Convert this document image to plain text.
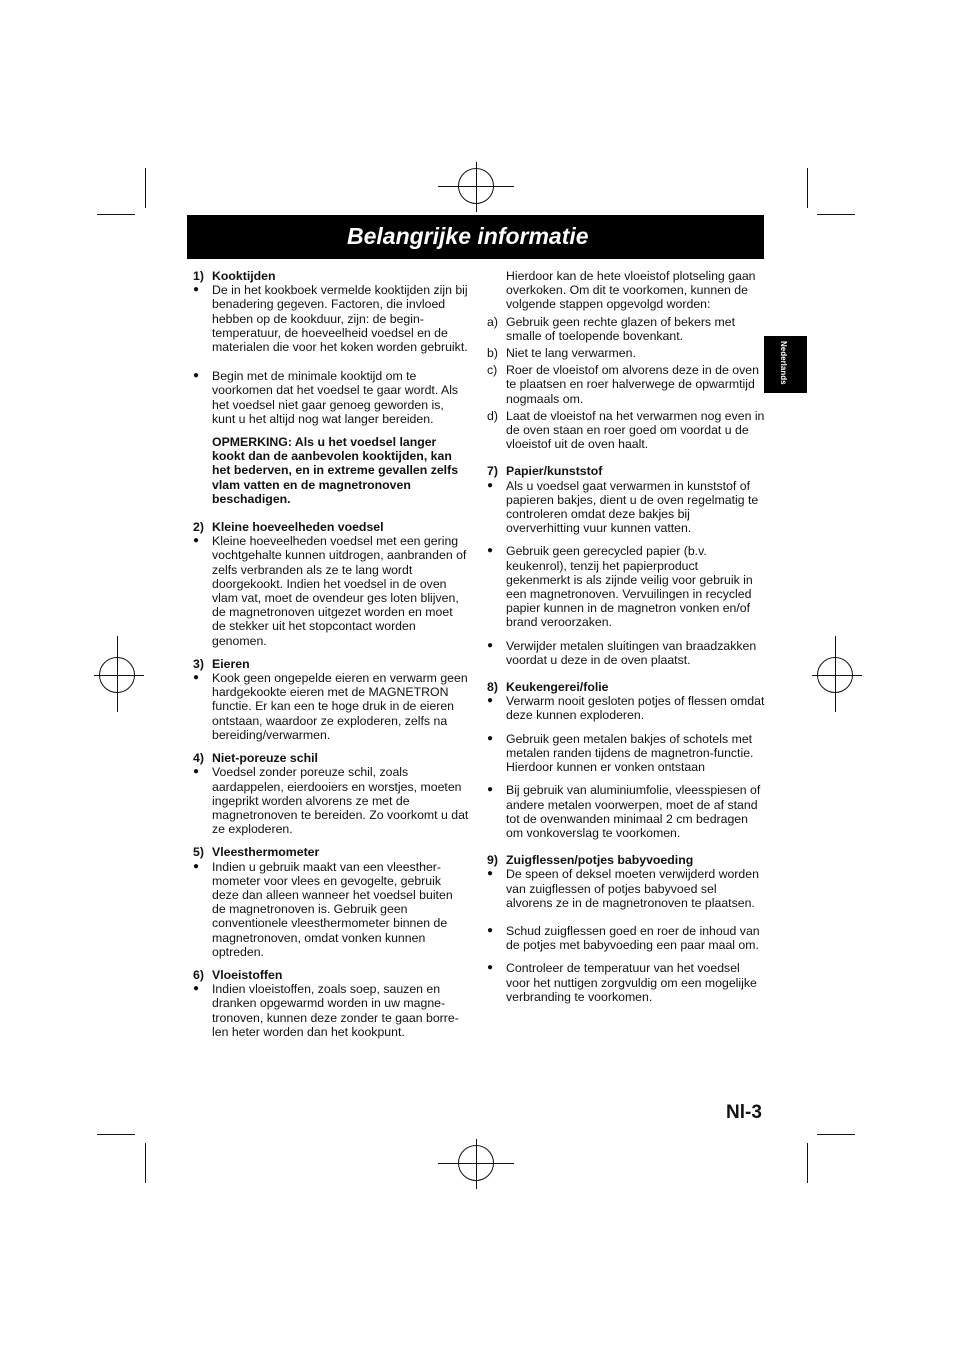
Belangrijke informatie
Nederlands
1) Kooktijden
●	De in het kookboek vermelde kooktijden zijn bij benadering gegeven. Factoren, die invloed hebben op de kookduur, zijn: de begin-temperatuur, de hoeveelheid voedsel en de materialen die voor het koken worden gebruikt.
●	Begin met de minimale kooktijd om te voorkomen dat het voedsel te gaar wordt. Als het voedsel niet gaar genoeg geworden is, kunt u het altijd nog wat langer bereiden.
OPMERKING: Als u het voedsel langer kookt dan de aanbevolen kooktijden, kan het bederven, en in extreme gevallen zelfs vlam vatten en de magnetronoven beschadigen.
2) Kleine hoeveelheden voedsel
●	Kleine hoeveelheden voedsel met een gering vochtgehalte kunnen uitdrogen, aanbranden of zelfs verbranden als ze te lang wordt doorgekookt. Indien het voedsel in de oven vlam vat, moet de ovendeur ges loten blijven, de magnetronoven uitgezet worden en moet de stekker uit het stopcontact worden genomen.
3) Eieren
●	Kook geen ongepelde eieren en verwarm geen hardgekookte eieren met de MAGNETRON functie. Er kan een te hoge druk in de eieren ontstaan, waardoor ze exploderen, zelfs na bereiding/verwarmen.
4) Niet-poreuze schil
●	Voedsel zonder poreuze schil, zoals aardappelen, eierdooiers en worstjes, moeten ingeprikt worden alvorens ze met de magnetronoven te bereiden. Zo voorkomt u dat ze exploderen.
5) Vleesthermometer
●	Indien u gebruik maakt van een vleesther-mometer voor vlees en gevogelte, gebruik deze dan alleen wanneer het voedsel buiten de magnetronoven is. Gebruik geen conventionele vleesthermometer binnen de magnetronoven, omdat vonken kunnen optreden.
6) Vloeistoffen
●	Indien vloeistoffen, zoals soep, sauzen en dranken opgewarmd worden in uw magne-tronoven, kunnen deze zonder te gaan borre-len heter worden dan het kookpunt.
Hierdoor kan de hete vloeistof plotseling gaan overkoken. Om dit te voorkomen, kunnen de volgende stappen opgevolgd worden:
a) Gebruik geen rechte glazen of bekers met smalle of toelopende bovenkant.
b) Niet te lang verwarmen.
c) Roer de vloeistof om alvorens deze in de oven te plaatsen en roer halverwege de opwarmtijd nogmaals om.
d) Laat de vloeistof na het verwarmen nog even in de oven staan en roer goed om voordat u de vloeistof uit de oven haalt.
7) Papier/kunststof
●	Als u voedsel gaat verwarmen in kunststof of papieren bakjes, dient u de oven regelmatig te controleren omdat deze bakjes bij oververhitting vuur kunnen vatten.
●	Gebruik geen gerecycled papier (b.v. keukenrol), tenzij het papierproduct gekenmerkt is als zijnde veilig voor gebruik in een magnetronoven. Vervuilingen in recycled papier kunnen in de magnetron vonken en/of brand veroorzaken.
●	Verwijder metalen sluitingen van braadzakken voordat u deze in de oven plaatst.
8) Keukengerei/folie
●	Verwarm nooit gesloten potjes of flessen omdat deze kunnen exploderen.
●	Gebruik geen metalen bakjes of schotels met metalen randen tijdens de magnetron-functie. Hierdoor kunnen er vonken ontstaan
●	Bij gebruik van aluminiumfolie, vleesspiesen of andere metalen voorwerpen, moet de af stand tot de ovenwanden minimaal 2 cm bedragen om vonkoverslag te voorkomen.
9) Zuigflessen/potjes babyvoeding
●	De speen of deksel moeten verwijderd worden van zuigflessen of potjes babyvoed sel alvorens ze in de magnetronoven te plaatsen.
●	Schud zuigflessen goed en roer de inhoud van de potjes met babyvoeding een paar maal om.
●	Controleer de temperatuur van het voedsel voor het nuttigen zorgvuldig om een mogelijke verbranding te voorkomen.
Nl-3
